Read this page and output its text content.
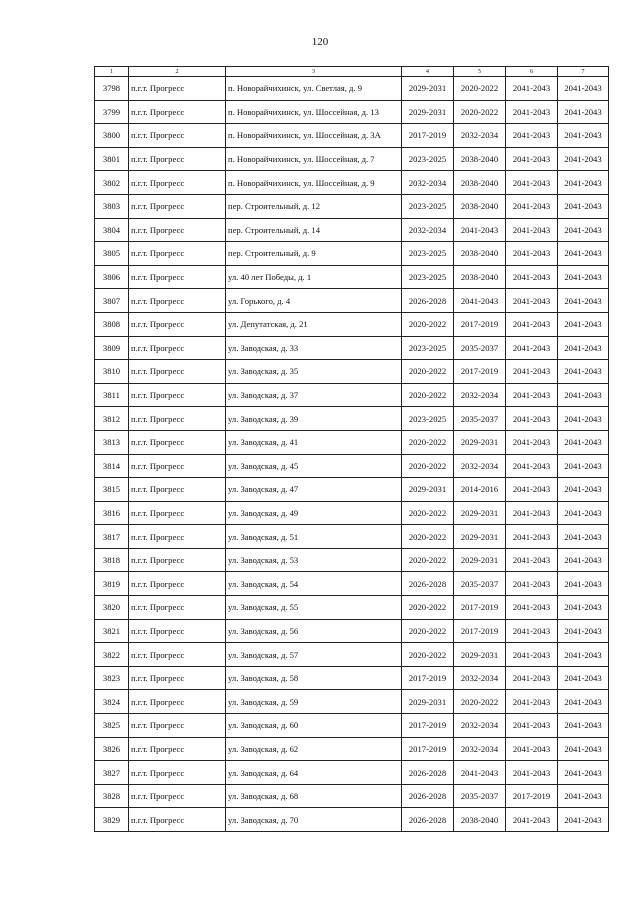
120
1	2	3	4	5	6	7
3798	п.г.т. Прогресс	п. Новорайчихинск, ул. Светлая, д. 9	2029-2031	2020-2022	2041-2043	2041-2043
3799	п.г.т. Прогресс	п. Новорайчихинск, ул. Шоссейная, д. 13	2029-2031	2020-2022	2041-2043	2041-2043
3800	п.г.т. Прогресс	п. Новорайчихинск, ул. Шоссейная, д. 3А	2017-2019	2032-2034	2041-2043	2041-2043
3801	п.г.т. Прогресс	п. Новорайчихинск, ул. Шоссейная, д. 7	2023-2025	2038-2040	2041-2043	2041-2043
3802	п.г.т. Прогресс	п. Новорайчихинск, ул. Шоссейная, д. 9	2032-2034	2038-2040	2041-2043	2041-2043
3803	п.г.т. Прогресс	пер. Строительный, д. 12	2023-2025	2038-2040	2041-2043	2041-2043
3804	п.г.т. Прогресс	пер. Строительный, д. 14	2032-2034	2041-2043	2041-2043	2041-2043
3805	п.г.т. Прогресс	пер. Строительный, д. 9	2023-2025	2038-2040	2041-2043	2041-2043
3806	п.г.т. Прогресс	ул. 40 лет Победы, д. 1	2023-2025	2038-2040	2041-2043	2041-2043
3807	п.г.т. Прогресс	ул. Горького, д. 4	2026-2028	2041-2043	2041-2043	2041-2043
3808	п.г.т. Прогресс	ул. Депутатская, д. 21	2020-2022	2017-2019	2041-2043	2041-2043
3809	п.г.т. Прогресс	ул. Заводская, д. 33	2023-2025	2035-2037	2041-2043	2041-2043
3810	п.г.т. Прогресс	ул. Заводская, д. 35	2020-2022	2017-2019	2041-2043	2041-2043
3811	п.г.т. Прогресс	ул. Заводская, д. 37	2020-2022	2032-2034	2041-2043	2041-2043
3812	п.г.т. Прогресс	ул. Заводская, д. 39	2023-2025	2035-2037	2041-2043	2041-2043
3813	п.г.т. Прогресс	ул. Заводская, д. 41	2020-2022	2029-2031	2041-2043	2041-2043
3814	п.г.т. Прогресс	ул. Заводская, д. 45	2020-2022	2032-2034	2041-2043	2041-2043
3815	п.г.т. Прогресс	ул. Заводская, д. 47	2029-2031	2014-2016	2041-2043	2041-2043
3816	п.г.т. Прогресс	ул. Заводская, д. 49	2020-2022	2029-2031	2041-2043	2041-2043
3817	п.г.т. Прогресс	ул. Заводская, д. 51	2020-2022	2029-2031	2041-2043	2041-2043
3818	п.г.т. Прогресс	ул. Заводская, д. 53	2020-2022	2029-2031	2041-2043	2041-2043
3819	п.г.т. Прогресс	ул. Заводская, д. 54	2026-2028	2035-2037	2041-2043	2041-2043
3820	п.г.т. Прогресс	ул. Заводская, д. 55	2020-2022	2017-2019	2041-2043	2041-2043
3821	п.г.т. Прогресс	ул. Заводская, д. 56	2020-2022	2017-2019	2041-2043	2041-2043
3822	п.г.т. Прогресс	ул. Заводская, д. 57	2020-2022	2029-2031	2041-2043	2041-2043
3823	п.г.т. Прогресс	ул. Заводская, д. 58	2017-2019	2032-2034	2041-2043	2041-2043
3824	п.г.т. Прогресс	ул. Заводская, д. 59	2029-2031	2020-2022	2041-2043	2041-2043
3825	п.г.т. Прогресс	ул. Заводская, д. 60	2017-2019	2032-2034	2041-2043	2041-2043
3826	п.г.т. Прогресс	ул. Заводская, д. 62	2017-2019	2032-2034	2041-2043	2041-2043
3827	п.г.т. Прогресс	ул. Заводская, д. 64	2026-2028	2041-2043	2041-2043	2041-2043
3828	п.г.т. Прогресс	ул. Заводская, д. 68	2026-2028	2035-2037	2017-2019	2041-2043
3829	п.г.т. Прогресс	ул. Заводская, д. 70	2026-2028	2038-2040	2041-2043	2041-2043
